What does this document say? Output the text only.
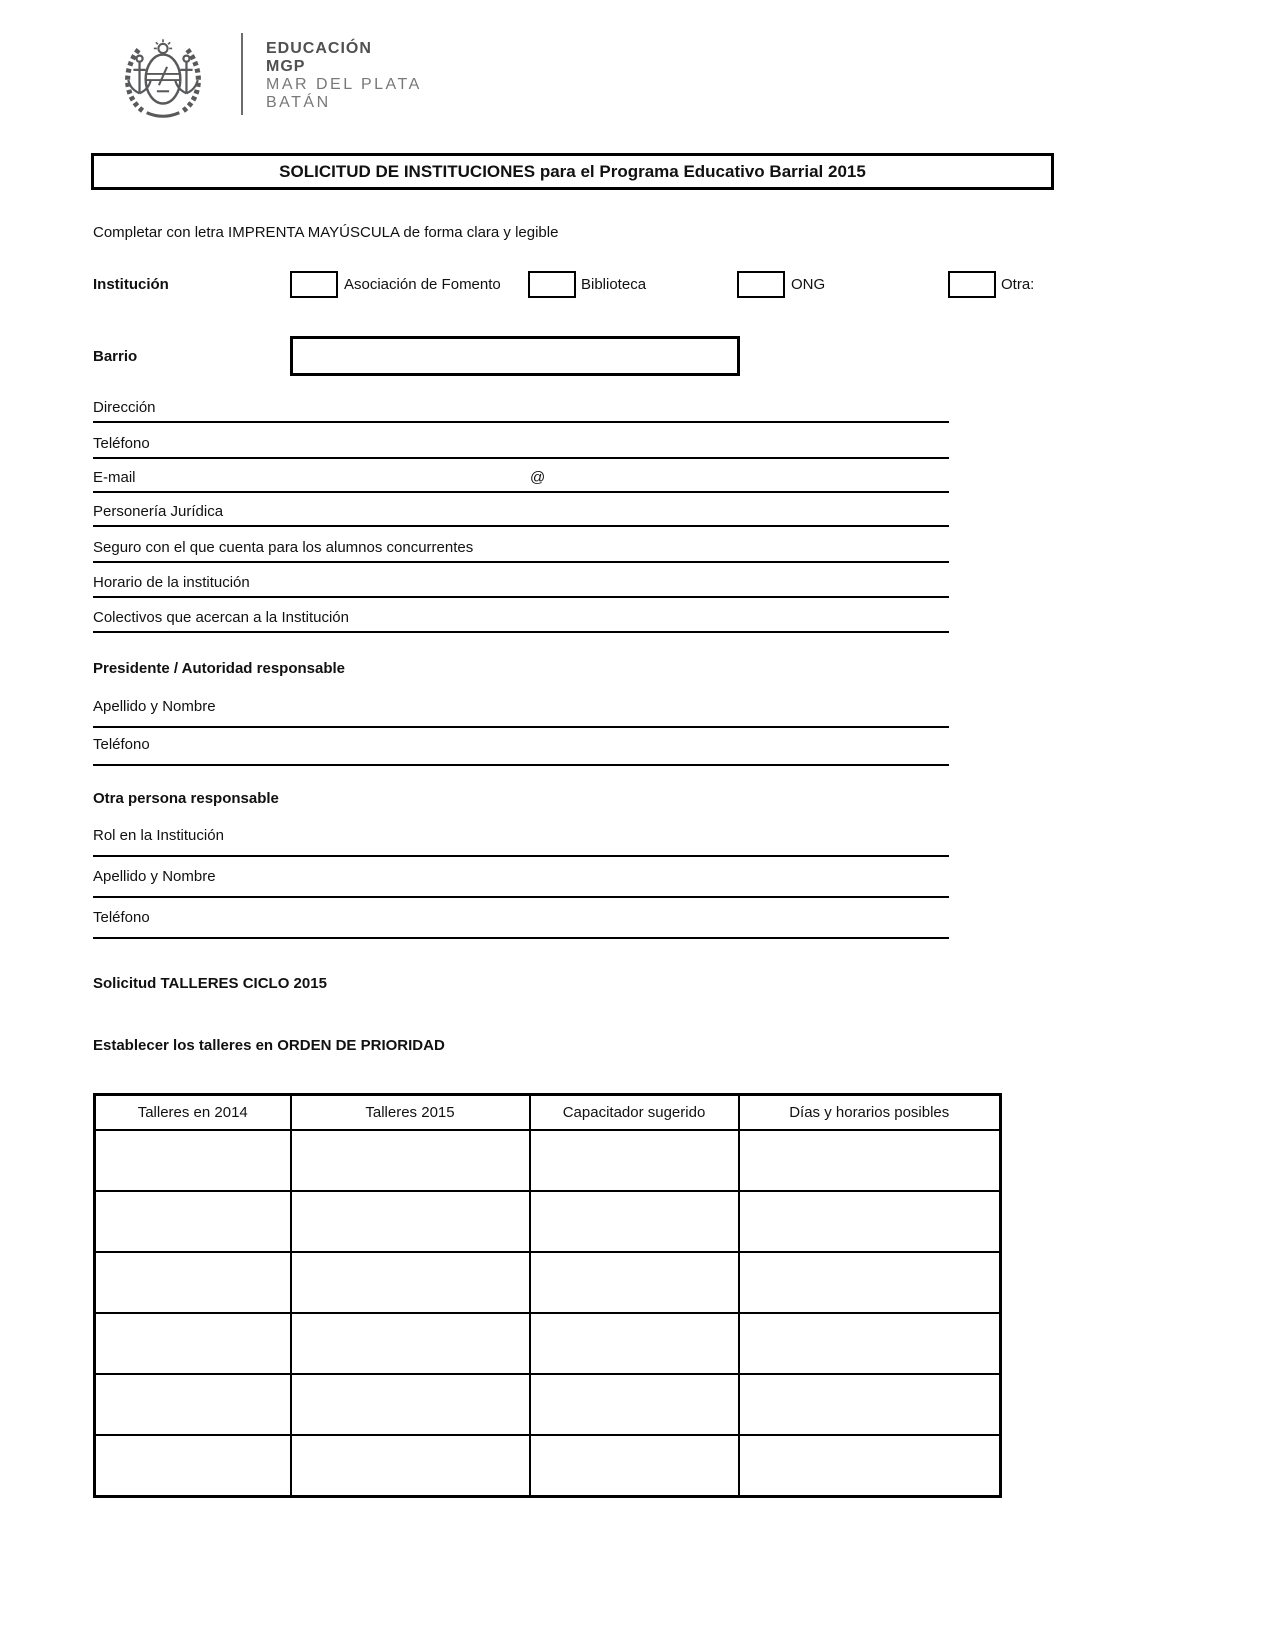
EDUCACIÓN
MGP
MAR DEL PLATA
BATÁN
SOLICITUD DE INSTITUCIONES para el Programa Educativo Barrial 2015
Completar con letra IMPRENTA MAYÚSCULA de forma clara y legible
Institución	Asociación de Fomento	Biblioteca	ONG	Otra:
Barrio
Dirección
Teléfono
E-mail	@
Personería Jurídica
Seguro con el que cuenta para los alumnos concurrentes
Horario de la institución
Colectivos que acercan a la Institución
Presidente / Autoridad responsable
Apellido y Nombre
Teléfono
Otra persona responsable
Rol en la Institución
Apellido y Nombre
Teléfono
Solicitud TALLERES CICLO 2015
Establecer los talleres en ORDEN DE PRIORIDAD
Talleres en 2014	Talleres 2015	Capacitador sugerido	Días y horarios posibles
